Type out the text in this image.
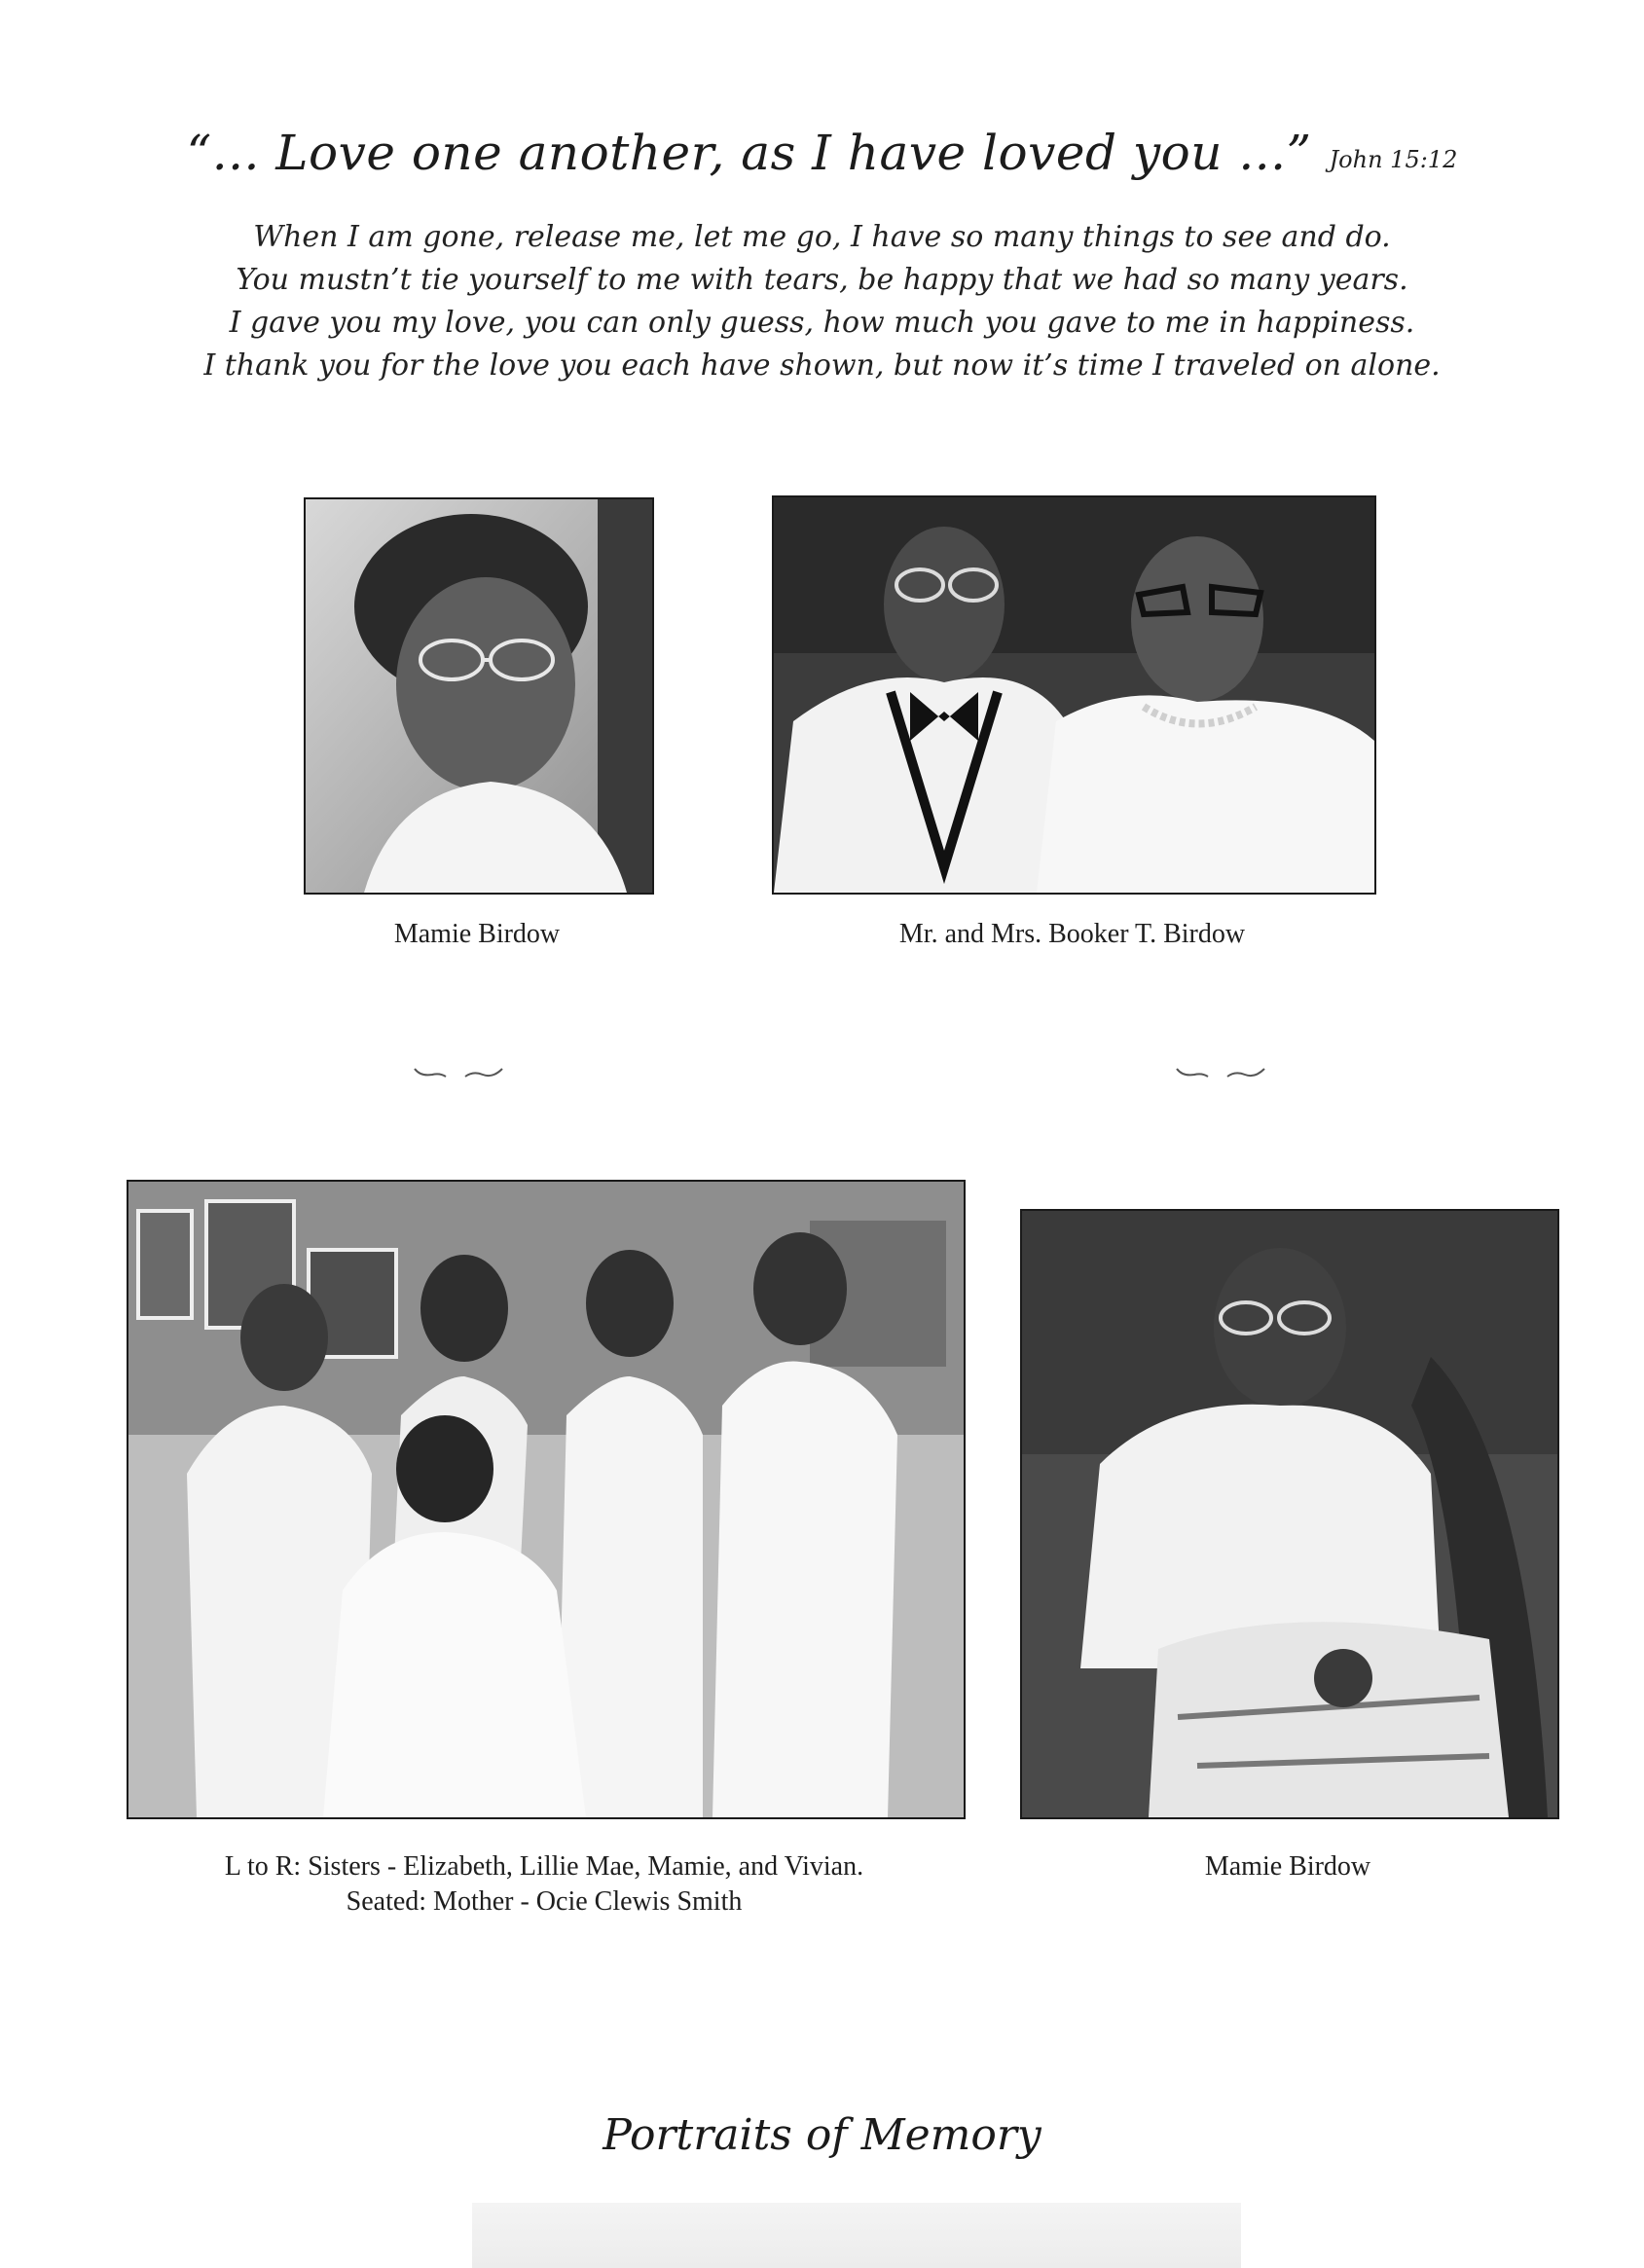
“... Love one another, as I have loved you ...” John 15:12
When I am gone, release me, let me go, I have so many things to see and do.
You mustn’t tie yourself to me with tears, be happy that we had so many years.
I gave you my love, you can only guess, how much you gave to me in happiness.
I thank you for the love you each have shown, but now it’s time I traveled on alone.
Mamie Birdow	Mr. and Mrs. Booker T. Birdow
L to R: Sisters - Elizabeth, Lillie Mae, Mamie, and Vivian.
Seated: Mother - Ocie Clewis Smith
Mamie Birdow
Portraits of Memory
